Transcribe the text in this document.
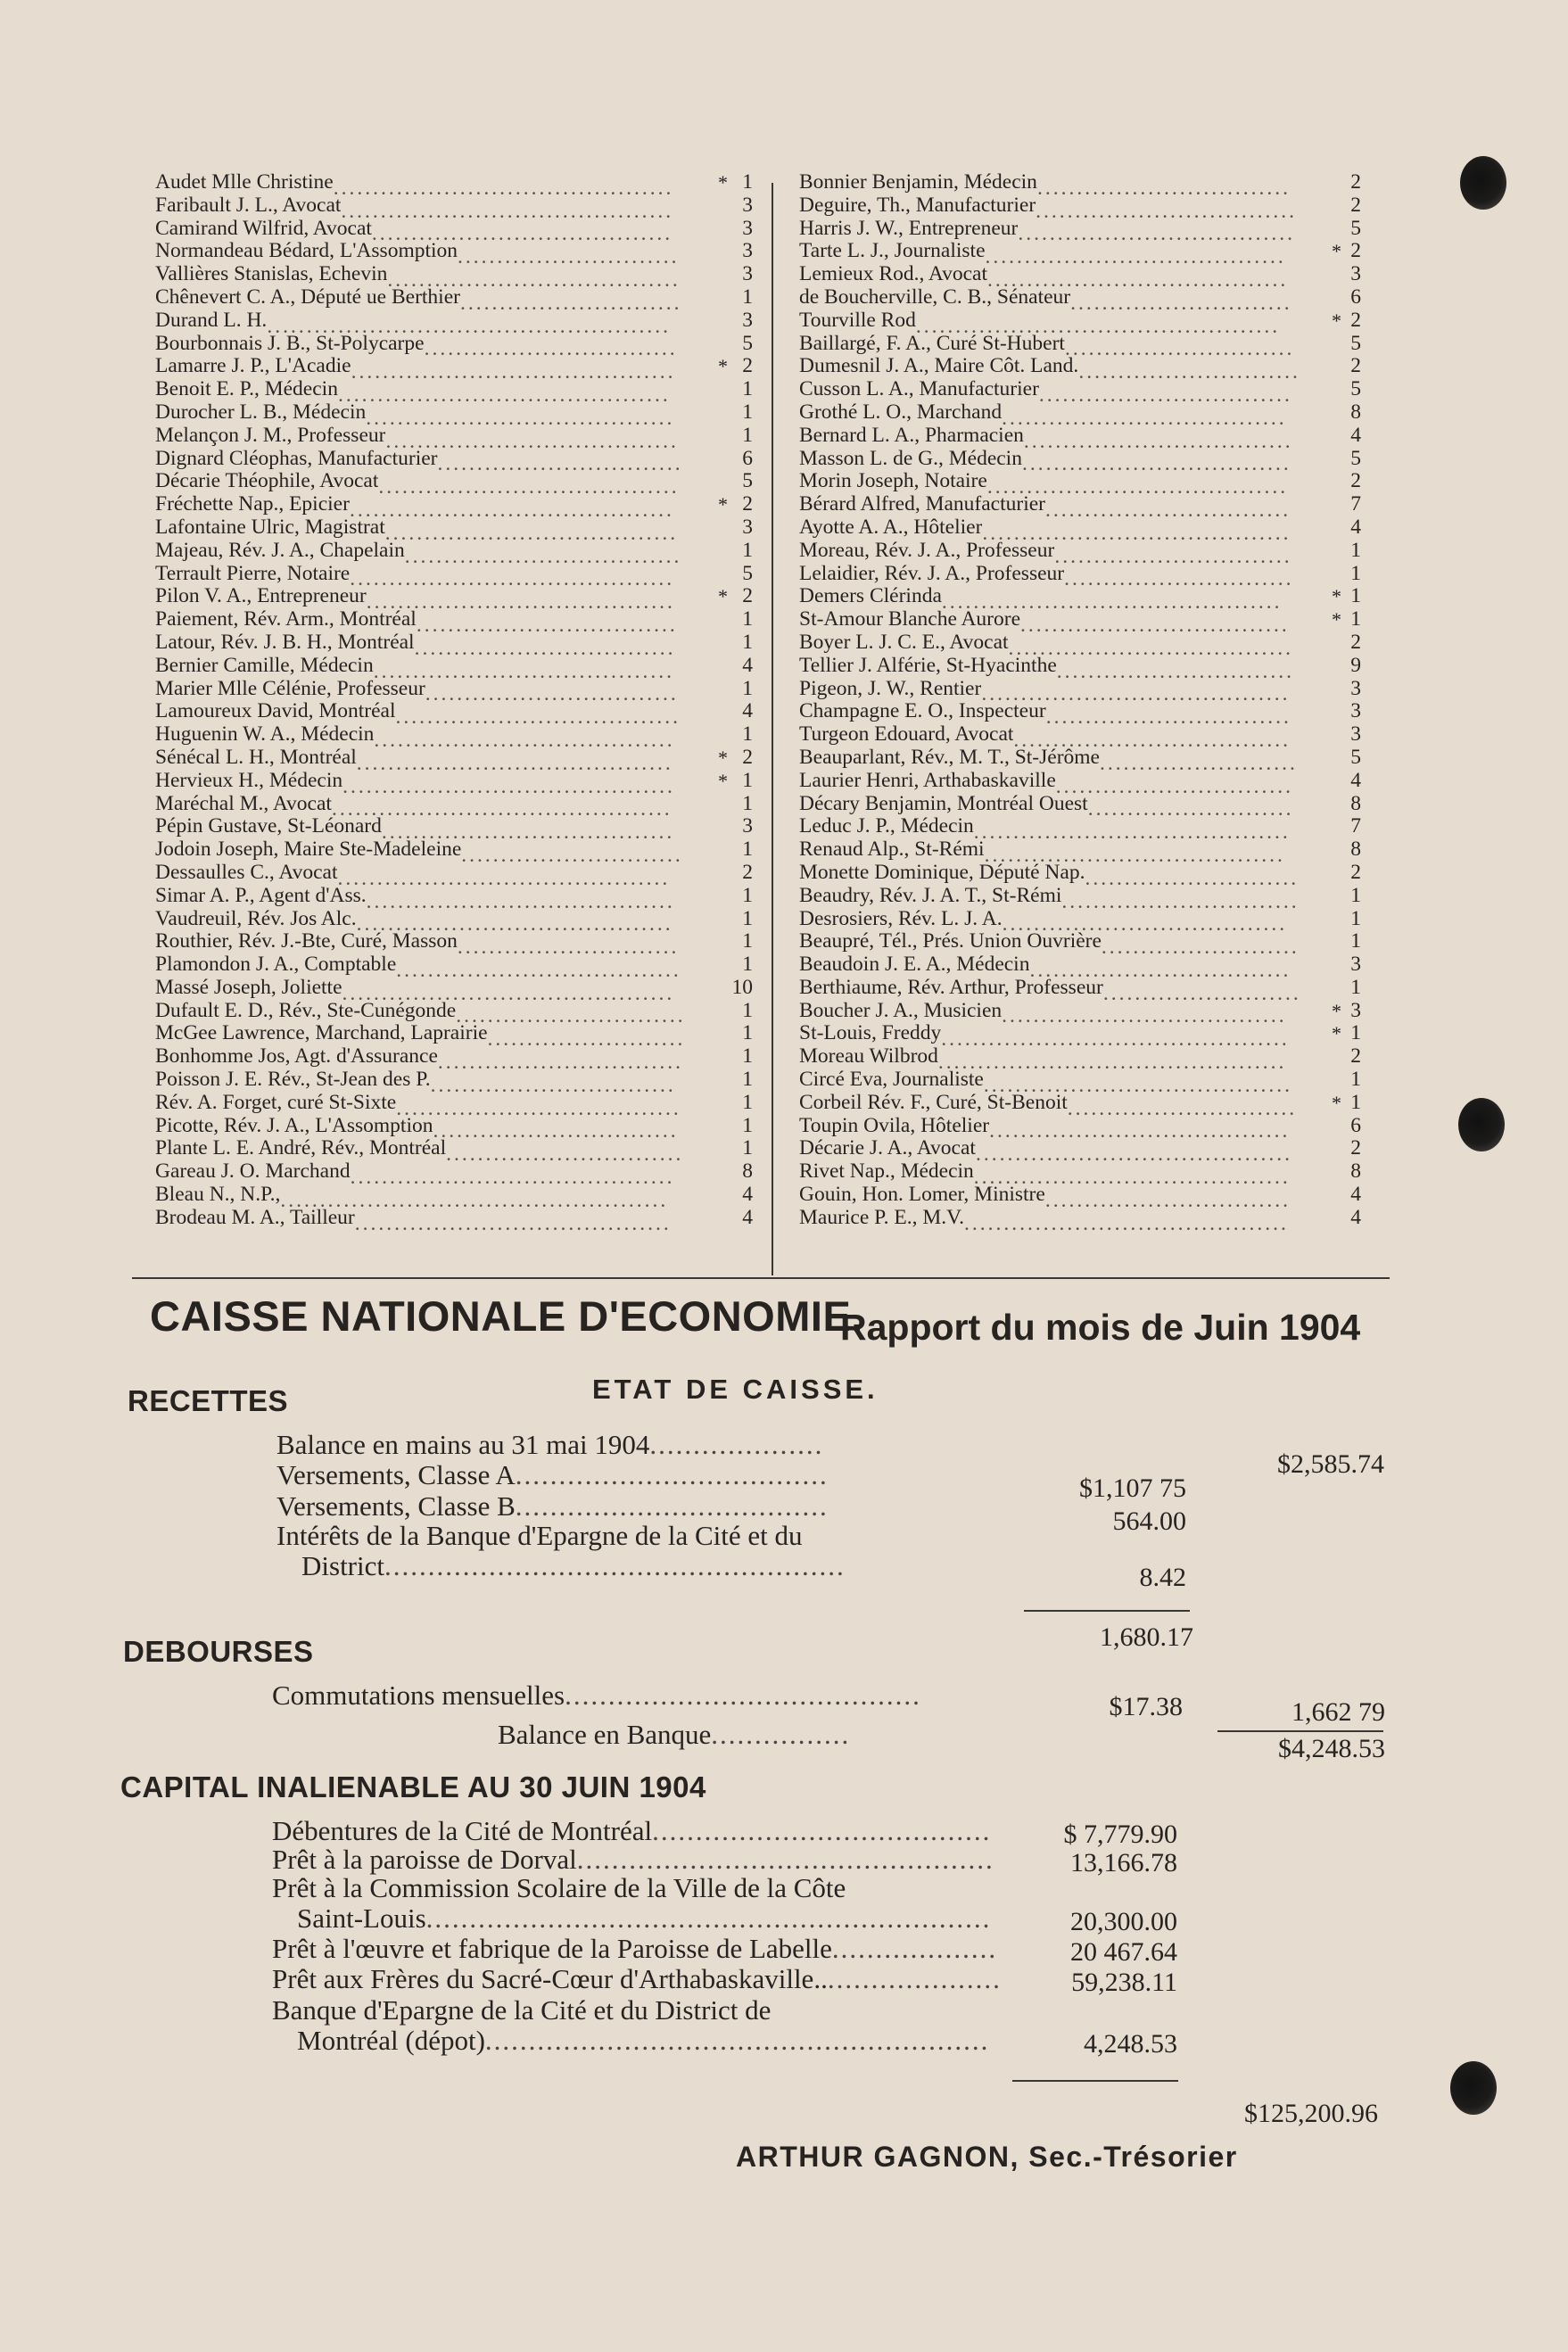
Audet Mlle Christine...........................................	* 1
Faribault J. L., Avocat..........................................	3
Camirand Wilfrid, Avocat......................................	3
Normandeau Bédard, L'Assomption............................	3
Vallières Stanislas, Echevin.....................................	3
Chênevert C. A., Député ue Berthier............................	1
Durand L. H....................................................	3
Bourbonnais J. B., St-Polycarpe................................	5
Lamarre J. P., L'Acadie.........................................	* 2
Benoit E. P., Médecin..........................................	1
Durocher L. B., Médecin.......................................	1
Melançon J. M., Professeur.....................................	1
Dignard Cléophas, Manufacturier...............................	6
Décarie Théophile, Avocat......................................	5
Fréchette Nap., Epicier.........................................	* 2
Lafontaine Ulric, Magistrat.....................................	3
Majeau, Rév. J. A., Chapelain...................................	1
Terrault Pierre, Notaire.........................................	5
Pilon V. A., Entrepreneur.......................................	* 2
Paiement, Rév. Arm., Montréal.................................	1
Latour, Rév. J. B. H., Montréal.................................	1
Bernier Camille, Médecin......................................	4
Marier Mlle Célénie, Professeur................................	1
Lamoureux David, Montréal....................................	4
Huguenin W. A., Médecin......................................	1
Sénécal L. H., Montréal........................................	* 2
Hervieux H., Médecin..........................................	* 1
Maréchal M., Avocat...........................................	1
Pépin Gustave, St-Léonard.....................................	3
Jodoin Joseph, Maire Ste-Madeleine............................	1
Dessaulles C., Avocat..........................................	2
Simar A. P., Agent d'Ass........................................	1
Vaudreuil, Rév. Jos Alc.........................................	1
Routhier, Rév. J.-Bte, Curé, Masson............................	1
Plamondon J. A., Comptable....................................	1
Massé Joseph, Joliette..........................................	10
Dufault E. D., Rév., Ste-Cunégonde.............................	1
McGee Lawrence, Marchand, Laprairie.........................	1
Bonhomme Jos, Agt. d'Assurance...............................	1
Poisson J. E. Rév., St-Jean des P................................	1
Rév. A. Forget, curé St-Sixte....................................	1
Picotte, Rév. J. A., L'Assomption...............................	1
Plante L. E. André, Rév., Montréal..............................	1
Gareau J. O. Marchand.........................................	8
Bleau N., N.P.,.................................................	4
Brodeau M. A., Tailleur........................................	4
Bonnier Benjamin, Médecin................................	2
Deguire, Th., Manufacturier.................................	2
Harris J. W., Entrepreneur...................................	5
Tarte L. J., Journaliste......................................	* 2
Lemieux Rod., Avocat......................................	3
de Boucherville, C. B., Sénateur............................	6
Tourville Rod..............................................	* 2
Baillargé, F. A., Curé St-Hubert.............................	5
Dumesnil J. A., Maire Côt. Land.............................	2
Cusson L. A., Manufacturier................................	5
Grothé L. O., Marchand....................................	8
Bernard L. A., Pharmacien..................................	4
Masson L. de G., Médecin..................................	5
Morin Joseph, Notaire......................................	2
Bérard Alfred, Manufacturier...............................	7
Ayotte A. A., Hôtelier.......................................	4
Moreau, Rév. J. A., Professeur..............................	1
Lelaidier, Rév. J. A., Professeur.............................	1
Demers Clérinda...........................................	* 1
St-Amour Blanche Aurore..................................	* 1
Boyer L. J. C. E., Avocat....................................	2
Tellier J. Alférie, St-Hyacinthe..............................	9
Pigeon, J. W., Rentier.......................................	3
Champagne E. O., Inspecteur...............................	3
Turgeon Edouard, Avocat...................................	3
Beauparlant, Rév., M. T., St-Jérôme.........................	5
Laurier Henri, Arthabaskaville..............................	4
Décary Benjamin, Montréal Ouest..........................	8
Leduc J. P., Médecin........................................	7
Renaud Alp., St-Rémi......................................	8
Monette Dominique, Député Nap............................	2
Beaudry, Rév. J. A. T., St-Rémi..............................	1
Desrosiers, Rév. L. J. A.....................................	1
Beaupré, Tél., Prés. Union Ouvrière.........................	1
Beaudoin J. E. A., Médecin.................................	3
Berthiaume, Rév. Arthur, Professeur.........................	1
Boucher J. A., Musicien....................................	* 3
St-Louis, Freddy............................................	* 1
Moreau Wilbrod............................................	2
Circé Eva, Journaliste.......................................	1
Corbeil Rév. F., Curé, St-Benoit.............................	* 1
Toupin Ovila, Hôtelier......................................	6
Décarie J. A., Avocat........................................	2
Rivet Nap., Médecin........................................	8
Gouin, Hon. Lomer, Ministre...............................	4
Maurice P. E., M.V..........................................	4
CAISSE NATIONALE D'ECONOMIE.
Rapport du mois de Juin 1904
ETAT DE CAISSE.
RECETTES
Balance en mains au 31 mai 1904....................
$2,585.74
Versements, Classe A....................................	$1,107 75
Versements, Classe B....................................	564.00
Intérêts de la Banque d'Epargne de la Cité et du
District.....................................................	8.42
1,680.17
DEBOURSES
Commutations mensuelles.........................................	$17.38	1,662 79
Balance en Banque................	$4,248.53
CAPITAL INALIENABLE AU 30 JUIN 1904
Débentures de la Cité de Montréal.......................................	$ 7,779.90
Prêt à la paroisse de Dorval................................................	13,166.78
Prêt à la Commission Scolaire de la Ville de la Côte
Saint-Louis.................................................................	20,300.00
Prêt à l'œuvre et fabrique de la Paroisse de Labelle...................	20 467.64
Prêt aux Frères du Sacré-Cœur d'Arthabaskaville......................	59,238.11
Banque d'Epargne de la Cité et du District de
Montréal (dépot)..........................................................	4,248.53
$125,200.96
ARTHUR GAGNON, Sec.-Trésorier
